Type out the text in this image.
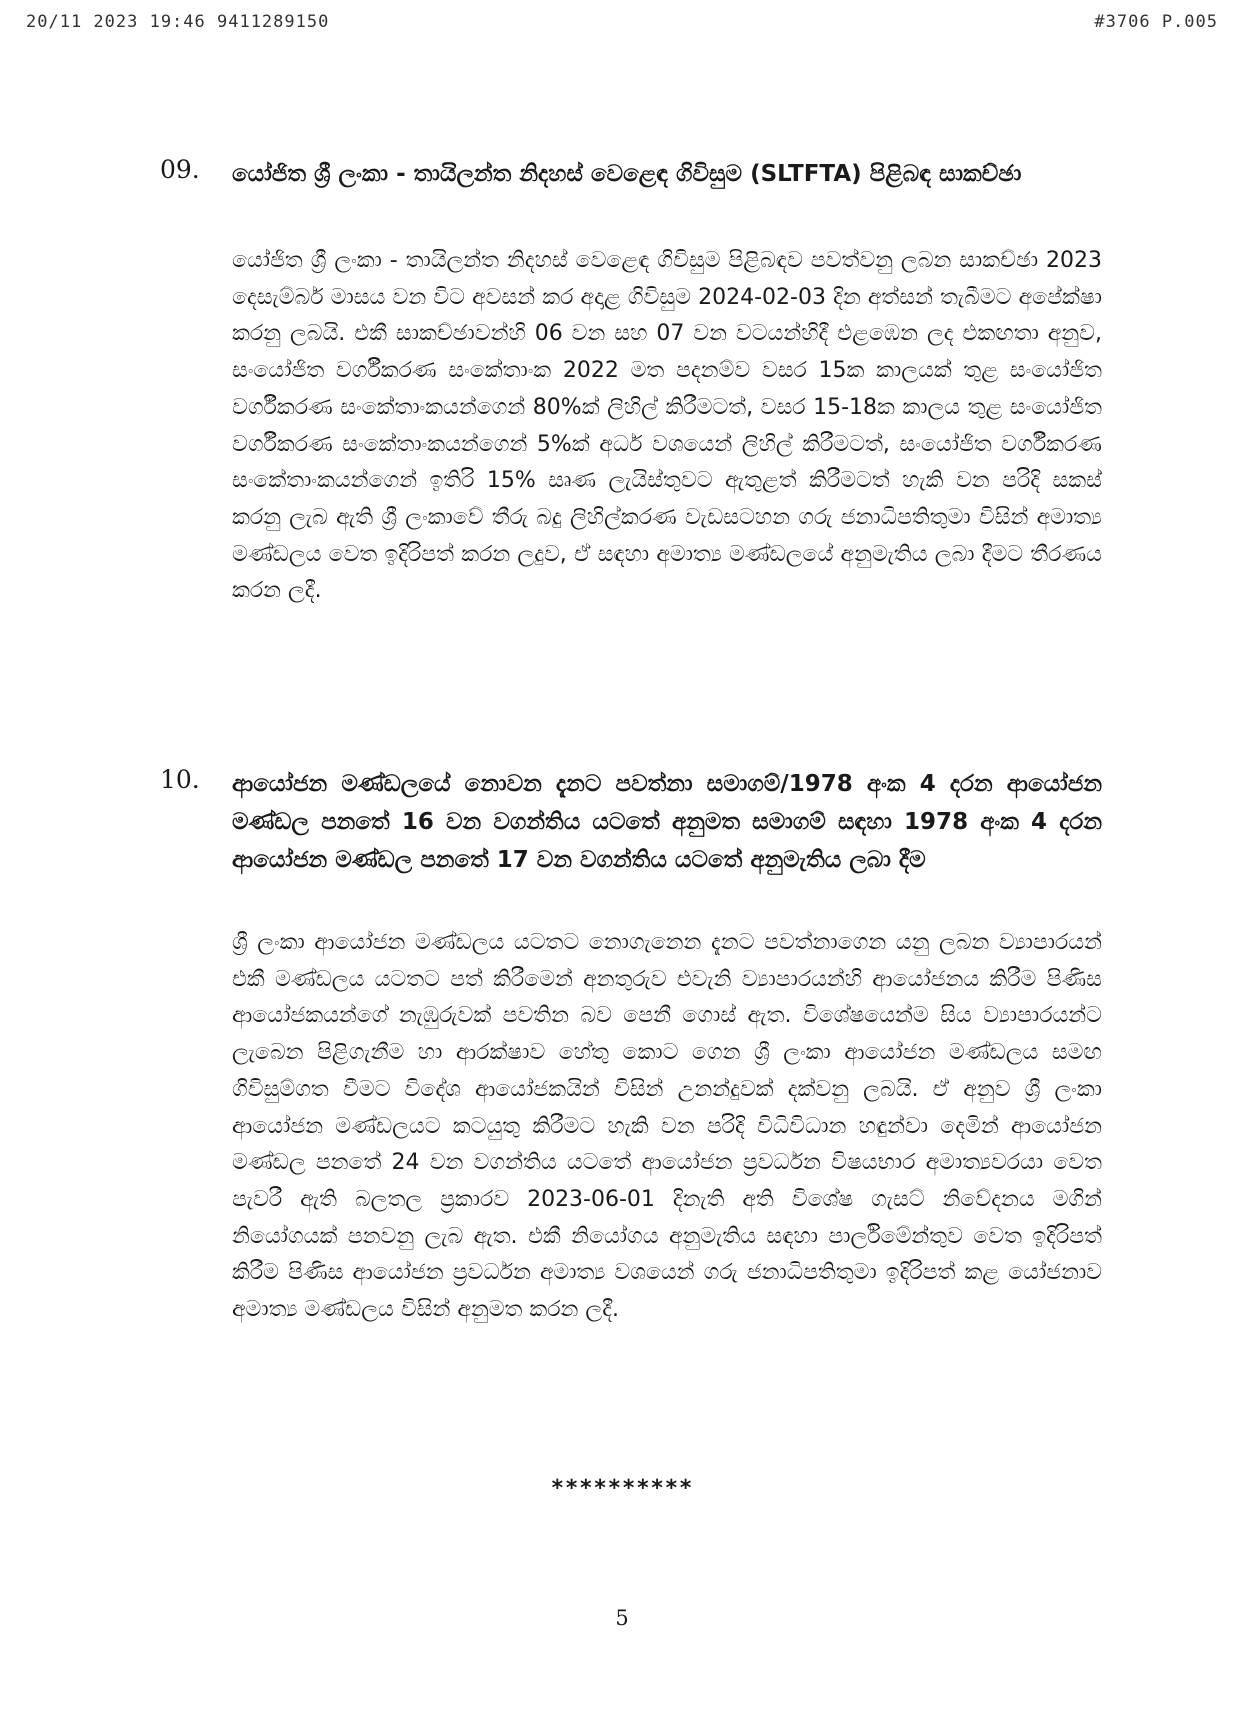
20/11 2023 19:46 9411289150	#3706 P.005
09. යෝජිත ශ්‍රී ලංකා - තායිලන්ත නිදහස් වෙළෙඳ ගිවිසුම (SLTFTA) පිළිබඳ සාකච්ඡා
යෝජිත ශ්‍රී ලංකා - තායිලන්ත නිදහස් වෙළෙඳ ගිවිසුම පිළිබඳව පවත්වනු ලබන සාකච්ඡා 2023 දෙසැම්බර් මාසය වන විට අවසන් කර අදාළ ගිවිසුම 2024-02-03 දින අත්සන් තැබීමට අපේක්ෂා කරනු ලබයි. එකී සාකච්ඡාවන්හි 06 වන සහ 07 වන වටයන්හිදී එළඹෙන ලද එකඟතා අනුව, සංයෝජිත වර්ගීකරණ සංකේතාංක 2022 මත පදනම්ව වසර 15ක කාලයක් තුළ සංයෝජිත වර්ගීකරණ සංකේතාංකයන්ගෙන් 80%ක් ලිහිල් කිරීමටත්, වසර 15-18ක කාලය තුළ සංයෝජිත වර්ගීකරණ සංකේතාංකයන්ගෙන් 5%ක් අර්ධ වශයෙන් ලිහිල් කිරීමටත්, සංයෝජිත වර්ගීකරණ සංකේතාංකයන්ගෙන් ඉතිරි 15% සෘණ ලැයිස්තුවට ඇතුළත් කිරීමටත් හැකි වන පරිදි සකස් කරනු ලැබ ඇති ශ්‍රී ලංකාවේ තීරු බදු ලිහිල්කරණ වැඩසටහන ගරු ජනාධිපතිතුමා විසින් අමාත්‍ය මණ්ඩලය වෙත ඉදිරිපත් කරන ලදුව, ඒ සඳහා අමාත්‍ය මණ්ඩලයේ අනුමැතිය ලබා දීමට තීරණය කරන ලදී.
10. ආයෝජන මණ්ඩලයේ නොවන දැනට පවත්නා සමාගම්/1978 අංක 4 දරන ආයෝජන මණ්ඩල පනතේ 16 වන වගන්තිය යටතේ අනුමත සමාගම් සඳහා 1978 අංක 4 දරන ආයෝජන මණ්ඩල පනතේ 17 වන වගන්තිය යටතේ අනුමැතිය ලබා දීම
ශ්‍රී ලංකා ආයෝජන මණ්ඩලය යටතට නොගැනෙන දැනට පවත්නාගෙන යනු ලබන ව්‍යාපාරයන් එකී මණ්ඩලය යටතට පත් කිරීමෙන් අනතුරුව එවැනි ව්‍යාපාරයන්හි ආයෝජනය කිරීම පිණිස ආයෝජකයන්ගේ නැඹුරුවක් පවතින බව පෙනී ගොස් ඇත. විශේෂයෙන්ම සිය ව්‍යාපාරයන්ට ලැබෙන පිළිගැනීම හා ආරක්ෂාව හේතු කොට ගෙන ශ්‍රී ලංකා ආයෝජන මණ්ඩලය සමඟ ගිවිසුම්ගත වීමට විදේශ ආයෝජකයින් විසින් උනන්දුවක් දක්වනු ලබයි. ඒ අනුව ශ්‍රී ලංකා ආයෝජන මණ්ඩලයට කටයුතු කිරීමට හැකි වන පරිදි විධිවිධාන හඳුන්වා දෙමින් ආයෝජන මණ්ඩල පනතේ 24 වන වගන්තිය යටතේ ආයෝජන ප්‍රවර්ධන විෂයභාර අමාත්‍යවරයා වෙත පැවරී ඇති බලතල ප්‍රකාරව 2023-06-01 දිනැති අති විශේෂ ගැසට් නිවේදනය මගින් නියෝගයක් පනවනු ලැබ ඇත. එකී නියෝගය අනුමැතිය සඳහා පාර්ලිමේන්තුව වෙත ඉදිරිපත් කිරීම පිණිස ආයෝජන ප්‍රවර්ධන අමාත්‍ය වශයෙන් ගරු ජනාධිපතිතුමා ඉදිරිපත් කළ යෝජනාව අමාත්‍ය මණ්ඩලය විසින් අනුමත කරන ලදී.
**********
5
